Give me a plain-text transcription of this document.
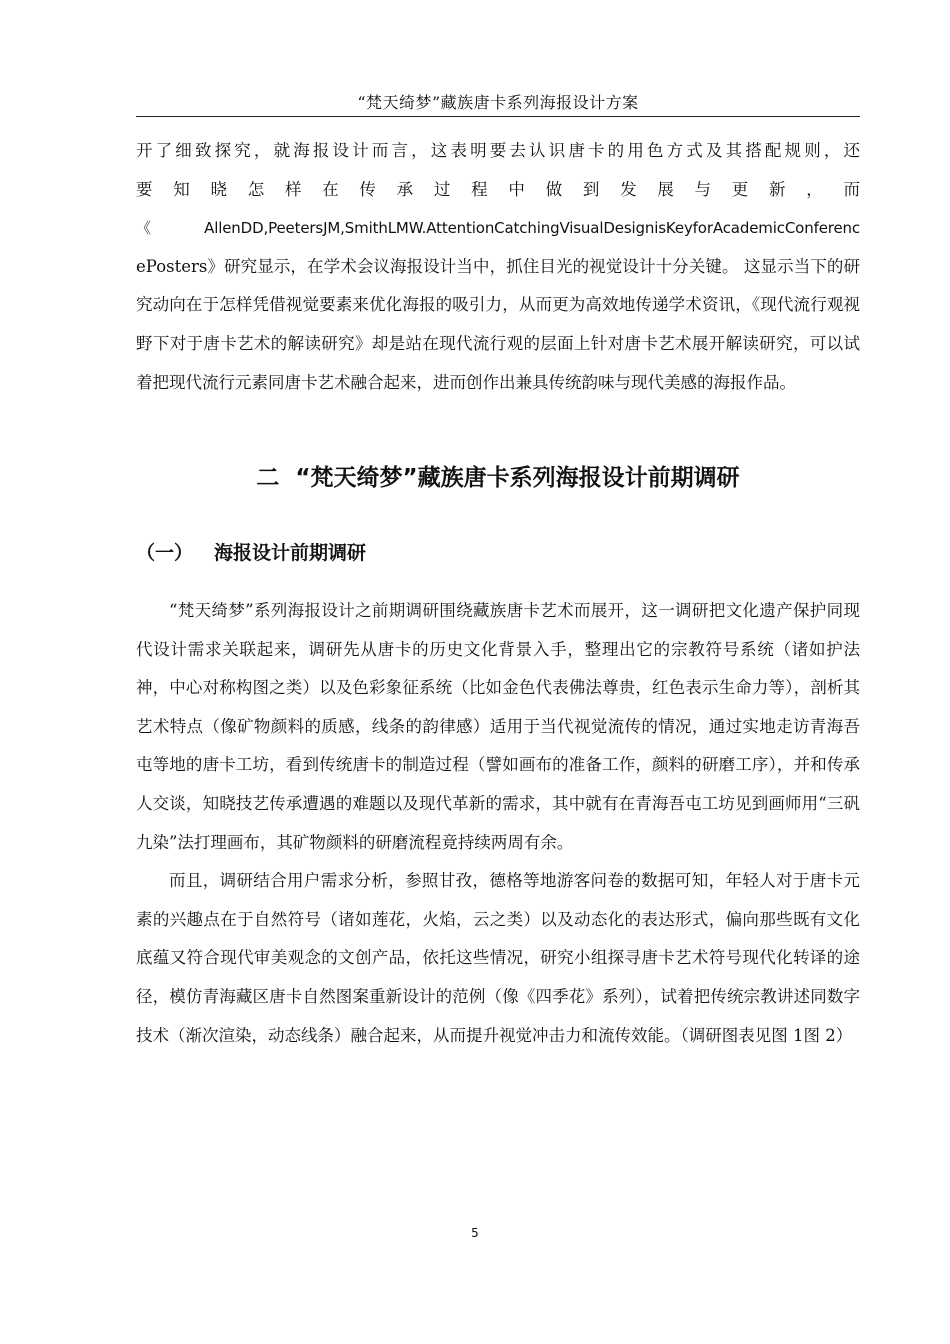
“梵天绮梦”藏族唐卡系列海报设计方案
开了细致探究，就海报设计而言，这表明要去认识唐卡的用色方式及其搭配规则，还
要知晓怎样在传承过程中做到发展与更新，而
《AllenDD,PeetersJM,SmithLMW.AttentionCatchingVisualDesignisKeyforAcademicConferenc
ePosters》研究显示，在学术会议海报设计当中，抓住目光的视觉设计十分关键。 这显示当下的研究动向在于怎样凭借视觉要素来优化海报的吸引力，从而更为高效地传递学术资讯，《现代流行观视野下对于唐卡艺术的解读研究》却是站在现代流行观的层面上针对唐卡艺术展开解读研究，可以试着把现代流行元素同唐卡艺术融合起来，进而创作出兼具传统韵味与现代美感的海报作品。
二 “梵天绮梦”藏族唐卡系列海报设计前期调研
（一） 海报设计前期调研

“梵天绮梦”系列海报设计之前期调研围绕藏族唐卡艺术而展开，这一调研把文化遗产保护同现代设计需求关联起来，调研先从唐卡的历史文化背景入手，整理出它的宗教符号系统（诸如护法神，中心对称构图之类）以及色彩象征系统（比如金色代表佛法尊贵，红色表示生命力等），剖析其艺术特点（像矿物颜料的质感，线条的韵律感）适用于当代视觉流传的情况，通过实地走访青海吾屯等地的唐卡工坊，看到传统唐卡的制造过程（譬如画布的准备工作，颜料的研磨工序），并和传承人交谈，知晓技艺传承遭遇的难题以及现代革新的需求，其中就有在青海吾屯工坊见到画师用“三矾九染”法打理画布，其矿物颜料的研磨流程竟持续两周有余。

而且，调研结合用户需求分析，参照甘孜，德格等地游客问卷的数据可知，年轻人对于唐卡元素的兴趣点在于自然符号（诸如莲花，火焰，云之类）以及动态化的表达形式，偏向那些既有文化底蕴又符合现代审美观念的文创产品，依托这些情况，研究小组探寻唐卡艺术符号现代化转译的途径，模仿青海藏区唐卡自然图案重新设计的范例（像《四季花》系列），试着把传统宗教讲述同数字技术（渐次渲染，动态线条）融合起来，从而提升视觉冲击力和流传效能。（调研图表见图 1图 2）

5
